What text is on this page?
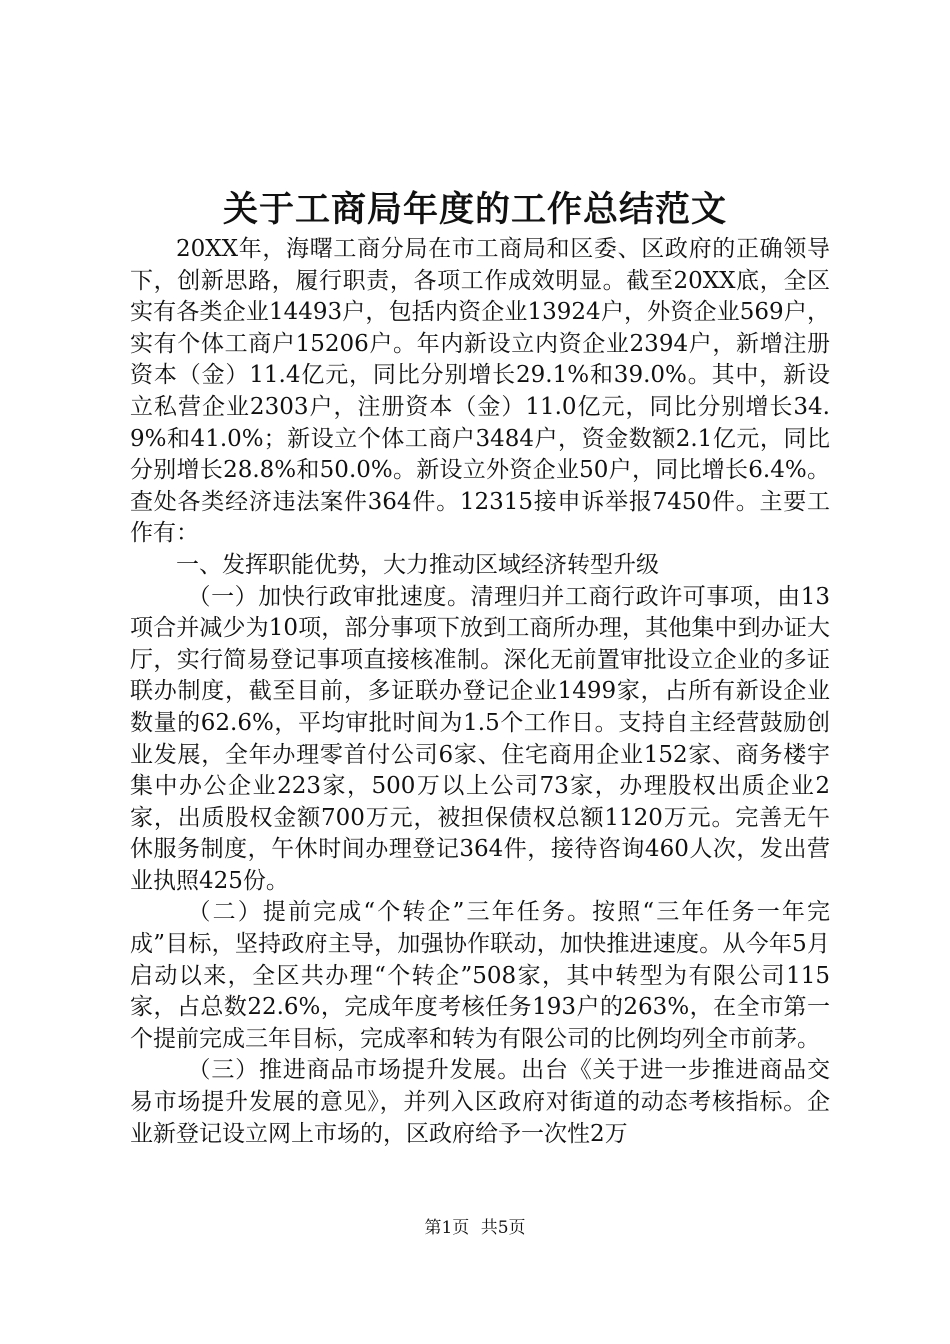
关于工商局年度的工作总结范文

20XX年，海曙工商分局在市工商局和区委、区政府的正确领导下，创新思路，履行职责，各项工作成效明显。截至20XX底，全区实有各类企业14493户，包括内资企业13924户，外资企业569户，实有个体工商户15206户。年内新设立内资企业2394户，新增注册资本（金）11.4亿元，同比分别增长29.1%和39.0%。其中，新设立私营企业2303户，注册资本（金）11.0亿元，同比分别增长34.9%和41.0%；新设立个体工商户3484户，资金数额2.1亿元，同比分别增长28.8%和50.0%。新设立外资企业50户，同比增长6.4%。查处各类经济违法案件364件。12315接申诉举报7450件。主要工作有：

一、发挥职能优势，大力推动区域经济转型升级

（一）加快行政审批速度。清理归并工商行政许可事项，由13项合并减少为10项，部分事项下放到工商所办理，其他集中到办证大厅，实行简易登记事项直接核准制。深化无前置审批设立企业的多证联办制度，截至目前，多证联办登记企业1499家，占所有新设企业数量的62.6%，平均审批时间为1.5个工作日。支持自主经营鼓励创业发展，全年办理零首付公司6家、住宅商用企业152家、商务楼宇集中办公企业223家，500万以上公司73家，办理股权出质企业2家，出质股权金额700万元，被担保债权总额1120万元。完善无午休服务制度，午休时间办理登记364件，接待咨询460人次，发出营业执照425份。

（二）提前完成“个转企”三年任务。按照“三年任务一年完成”目标，坚持政府主导，加强协作联动，加快推进速度。从今年5月启动以来，全区共办理“个转企”508家，其中转型为有限公司115家，占总数22.6%，完成年度考核任务193户的263%，在全市第一个提前完成三年目标，完成率和转为有限公司的比例均列全市前茅。

（三）推进商品市场提升发展。出台《关于进一步推进商品交易市场提升发展的意见》，并列入区政府对街道的动态考核指标。企业新登记设立网上市场的，区政府给予一次性2万

第1页 共5页
